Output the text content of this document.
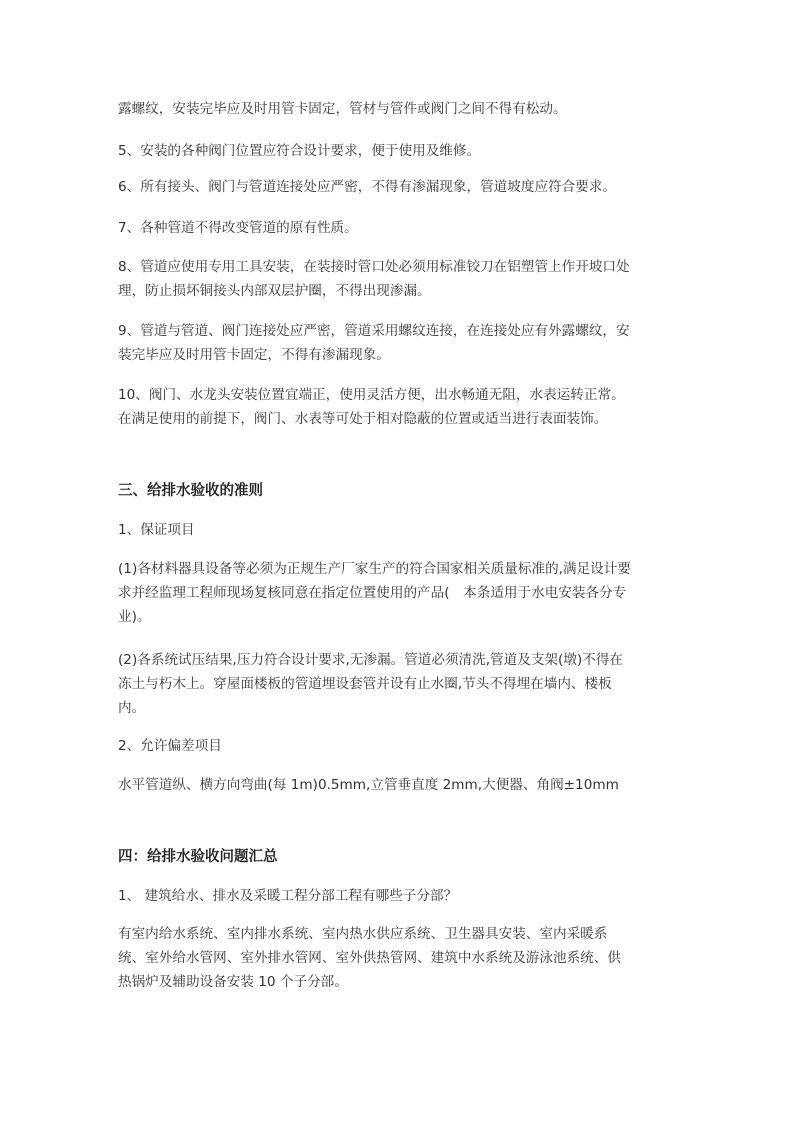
露螺纹，安装完毕应及时用管卡固定，管材与管件或阀门之间不得有松动。

5、安装的各种阀门位置应符合设计要求，便于使用及维修。

6、所有接头、阀门与管道连接处应严密，不得有渗漏现象，管道坡度应符合要求。

7、各种管道不得改变管道的原有性质。

8、管道应使用专用工具安装，在装接时管口处必须用标准铰刀在铝塑管上作开坡口处
理，防止损坏铜接头内部双层护圈，不得出现渗漏。

9、管道与管道、阀门连接处应严密，管道采用螺纹连接，在连接处应有外露螺纹，安
装完毕应及时用管卡固定，不得有渗漏现象。

10、阀门、水龙头安装位置宜端正，使用灵活方便，出水畅通无阻，水表运转正常。
在满足使用的前提下，阀门、水表等可处于相对隐蔽的位置或适当进行表面装饰。

三、给排水验收的准则

1、保证项目

(1)各材料器具设备等必须为正规生产厂家生产的符合国家相关质量标准的,满足设计要
求并经监理工程师现场复核同意在指定位置使用的产品(　本条适用于水电安装各分专
业)。

(2)各系统试压结果,压力符合设计要求,无渗漏。管道必须清洗,管道及支架(墩)不得在
冻土与朽木上。穿屋面楼板的管道埋设套管并设有止水圈,节头不得埋在墙内、楼板
内。

2、允许偏差项目

水平管道纵、横方向弯曲(每 1m)0.5mm,立管垂直度 2mm,大便器、角阀±10mm

四：给排水验收问题汇总

1、 建筑给水、排水及采暖工程分部工程有哪些子分部？

有室内给水系统、室内排水系统、室内热水供应系统、卫生器具安装、室内采暖系
统、室外给水管网、室外排水管网、室外供热管网、建筑中水系统及游泳池系统、供
热锅炉及辅助设备安装 10 个子分部。
